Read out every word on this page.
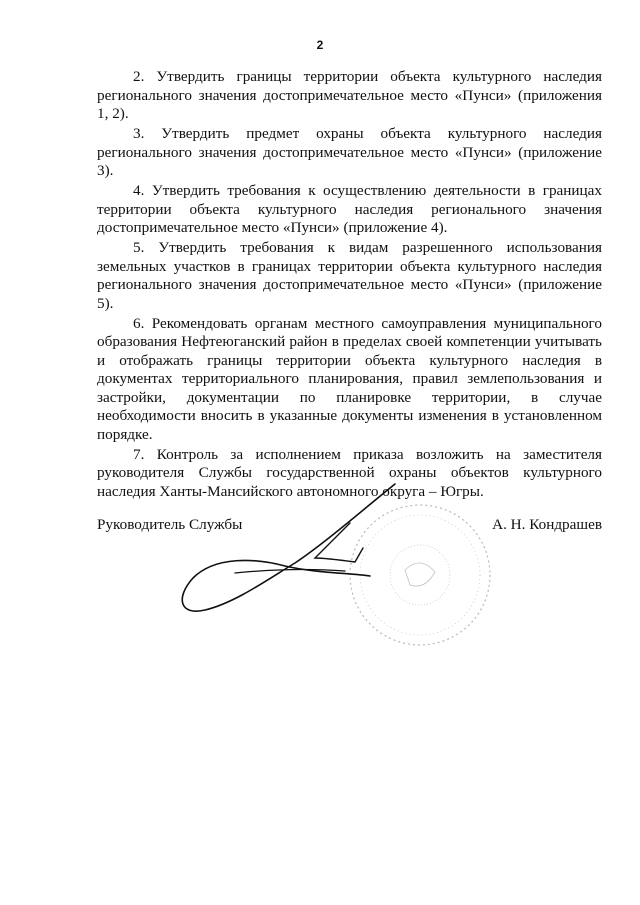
2

2. Утвердить границы территории объекта культурного наследия регионального значения достопримечательное место «Пунси» (приложения 1, 2).

3. Утвердить предмет охраны объекта культурного наследия регионального значения достопримечательное место «Пунси» (приложение 3).

4. Утвердить требования к осуществлению деятельности в границах территории объекта культурного наследия регионального значения достопримечательное место «Пунси» (приложение 4).

5. Утвердить требования к видам разрешенного использования земельных участков в границах территории объекта культурного наследия регионального значения достопримечательное место «Пунси» (приложение 5).

6. Рекомендовать органам местного самоуправления муниципального образования Нефтеюганский район в пределах своей компетенции учитывать и отображать границы территории объекта культурного наследия в документах территориального планирования, правил землепользования и застройки, документации по планировке территории, в случае необходимости вносить в указанные документы изменения в установленном порядке.

7. Контроль за исполнением приказа возложить на заместителя руководителя Службы государственной охраны объектов культурного наследия Ханты-Мансийского автономного округа – Югры.

Руководитель Службы	А. Н. Кондрашев
